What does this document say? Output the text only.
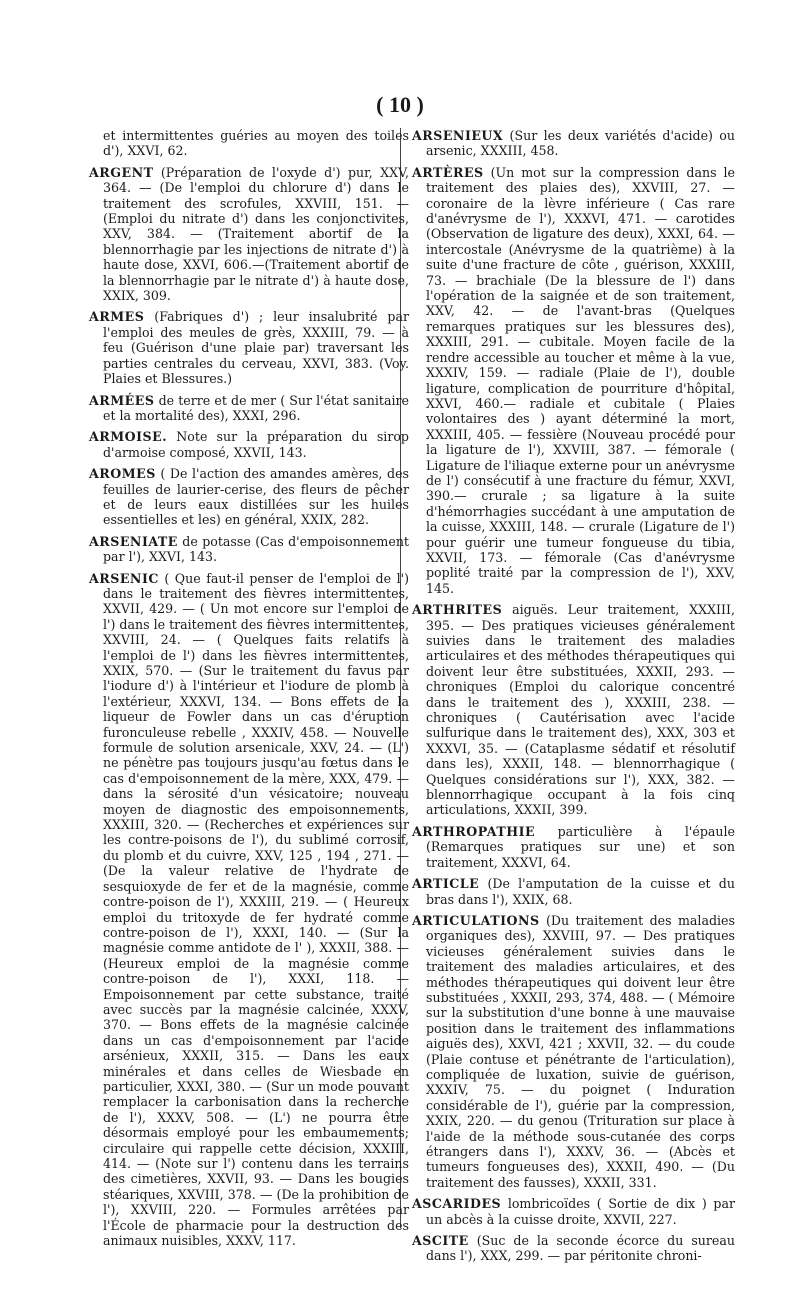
( 10 )

et intermittentes guéries au moyen des toiles d'), XXVI, 62.

ARGENT (Préparation de l'oxyde d') pur, XXV, 364. — (De l'emploi du chlorure d') dans le traitement des scrofules, XXVIII, 151. — (Emploi du nitrate d') dans les conjonctivites, XXV, 384. — (Traitement abortif de la blennorrhagie par les injections de nitrate d') à haute dose, XXVI, 606.—(Traitement abortif de la blennorrhagie par le nitrate d') à haute dose, XXIX, 309.

ARMES (Fabriques d') ; leur insalubrité par l'emploi des meules de grès, XXXIII, 79. — à feu (Guérison d'une plaie par) traversant les parties centrales du cerveau, XXVI, 383. (Voy. Plaies et Blessures.)

ARMÉES de terre et de mer ( Sur l'état sanitaire et la mortalité des), XXXI, 296.

ARMOISE. Note sur la préparation du sirop d'armoise composé, XXVII, 143.

AROMES ( De l'action des amandes amères, des feuilles de laurier-cerise, des fleurs de pêcher et de leurs eaux distillées sur les huiles essentielles et les) en général, XXIX, 282.

ARSENIATE de potasse (Cas d'empoisonnement par l'), XXVI, 143.

ARSENIC ( Que faut-il penser de l'emploi de l') dans le traitement des fièvres intermittentes, XXVII, 429. — ( Un mot encore sur l'emploi de l') dans le traitement des fièvres intermittentes, XXVIII, 24. — ( Quelques faits relatifs à l'emploi de l') dans les fièvres intermittentes, XXIX, 570. — (Sur le traitement du favus par l'iodure d') à l'intérieur et l'iodure de plomb à l'extérieur, XXXVI, 134. — Bons effets de la liqueur de Fowler dans un cas d'éruption furonculeuse rebelle , XXXIV, 458. — Nouvelle formule de solution arsenicale, XXV, 24. — (L') ne pénètre pas toujours jusqu'au fœtus dans le cas d'empoisonnement de la mère, XXX, 479. — dans la sérosité d'un vésicatoire; nouveau moyen de diagnostic des empoisonnements, XXXIII, 320. — (Recherches et expériences sur les contre-poisons de l'), du sublimé corrosif, du plomb et du cuivre, XXV, 125 , 194 , 271. — (De la valeur relative de l'hydrate de sesquioxyde de fer et de la magnésie, comme contre-poison de l'), XXXIII, 219. — ( Heureux emploi du tritoxyde de fer hydraté comme contre-poison de l'), XXXI, 140. — (Sur la magnésie comme antidote de l' ), XXXII, 388. — (Heureux emploi de la magnésie comme contre-poison de l'), XXXI, 118. — Empoisonnement par cette substance, traité avec succès par la magnésie calcinée, XXXV, 370. — Bons effets de la magnésie calcinée dans un cas d'empoisonnement par l'acide arsénieux, XXXII, 315. — Dans les eaux minérales et dans celles de Wiesbade en particulier, XXXI, 380. — (Sur un mode pouvant remplacer la carbonisation dans la recherche de l'), XXXV, 508. — (L') ne pourra être désormais employé pour les embaumements; circulaire qui rappelle cette décision, XXXIII, 414. — (Note sur l') contenu dans les terrains des cimetières, XXVII, 93. — Dans les bougies stéariques, XXVIII, 378. — (De la prohibition de l'), XXVIII, 220. — Formules arrêtées par l'École de pharmacie pour la destruction des animaux nuisibles, XXXV, 117.

ARSENIEUX (Sur les deux variétés d'acide) ou arsenic, XXXIII, 458.

ARTÈRES (Un mot sur la compression dans le traitement des plaies des), XXVIII, 27. — coronaire de la lèvre inférieure ( Cas rare d'anévrysme de l'), XXXVI, 471. — carotides (Observation de ligature des deux), XXXI, 64. — intercostale (Anévrysme de la quatrième) à la suite d'une fracture de côte , guérison, XXXIII, 73. — brachiale (De la blessure de l') dans l'opération de la saignée et de son traitement, XXV, 42. — de l'avant-bras (Quelques remarques pratiques sur les blessures des), XXXIII, 291. — cubitale. Moyen facile de la rendre accessible au toucher et même à la vue, XXXIV, 159. — radiale (Plaie de l'), double ligature, complication de pourriture d'hôpital, XXVI, 460.— radiale et cubitale ( Plaies volontaires des ) ayant déterminé la mort, XXXIII, 405. — fessière (Nouveau procédé pour la ligature de l'), XXVIII, 387. — fémorale ( Ligature de l'iliaque externe pour un anévrysme de l') consécutif à une fracture du fémur, XXVI, 390.— crurale ; sa ligature à la suite d'hémorrhagies succédant à une amputation de la cuisse, XXXIII, 148. — crurale (Ligature de l') pour guérir une tumeur fongueuse du tibia, XXVII, 173. — fémorale (Cas d'anévrysme poplité traité par la compression de l'), XXV, 145.

ARTHRITES aiguës. Leur traitement, XXXIII, 395. — Des pratiques vicieuses généralement suivies dans le traitement des maladies articulaires et des méthodes thérapeutiques qui doivent leur être substituées, XXXII, 293. — chroniques (Emploi du calorique concentré dans le traitement des ), XXXIII, 238. — chroniques ( Cautérisation avec l'acide sulfurique dans le traitement des), XXX, 303 et XXXVI, 35. — (Cataplasme sédatif et résolutif dans les), XXXII, 148. — blennorrhagique ( Quelques considérations sur l'), XXX, 382. — blennorrhagique occupant à la fois cinq articulations, XXXII, 399.

ARTHROPATHIE particulière à l'épaule (Remarques pratiques sur une) et son traitement, XXXVI, 64.

ARTICLE (De l'amputation de la cuisse et du bras dans l'), XXIX, 68.

ARTICULATIONS (Du traitement des maladies organiques des), XXVIII, 97. — Des pratiques vicieuses généralement suivies dans le traitement des maladies articulaires, et des méthodes thérapeutiques qui doivent leur être substituées , XXXII, 293, 374, 488. — ( Mémoire sur la substitution d'une bonne à une mauvaise position dans le traitement des inflammations aiguës des), XXVI, 421 ; XXVII, 32. — du coude (Plaie contuse et pénétrante de l'articulation), compliquée de luxation, suivie de guérison, XXXIV, 75. — du poignet ( Induration considérable de l'), guérie par la compression, XXIX, 220. — du genou (Trituration sur place à l'aide de la méthode sous-cutanée des corps étrangers dans l'), XXXV, 36. — (Abcès et tumeurs fongueuses des), XXXII, 490. — (Du traitement des fausses), XXXII, 331.

ASCARIDES lombricoïdes ( Sortie de dix ) par un abcès à la cuisse droite, XXVII, 227.

ASCITE (Suc de la seconde écorce du sureau dans l'), XXX, 299. — par péritonite chroni-
